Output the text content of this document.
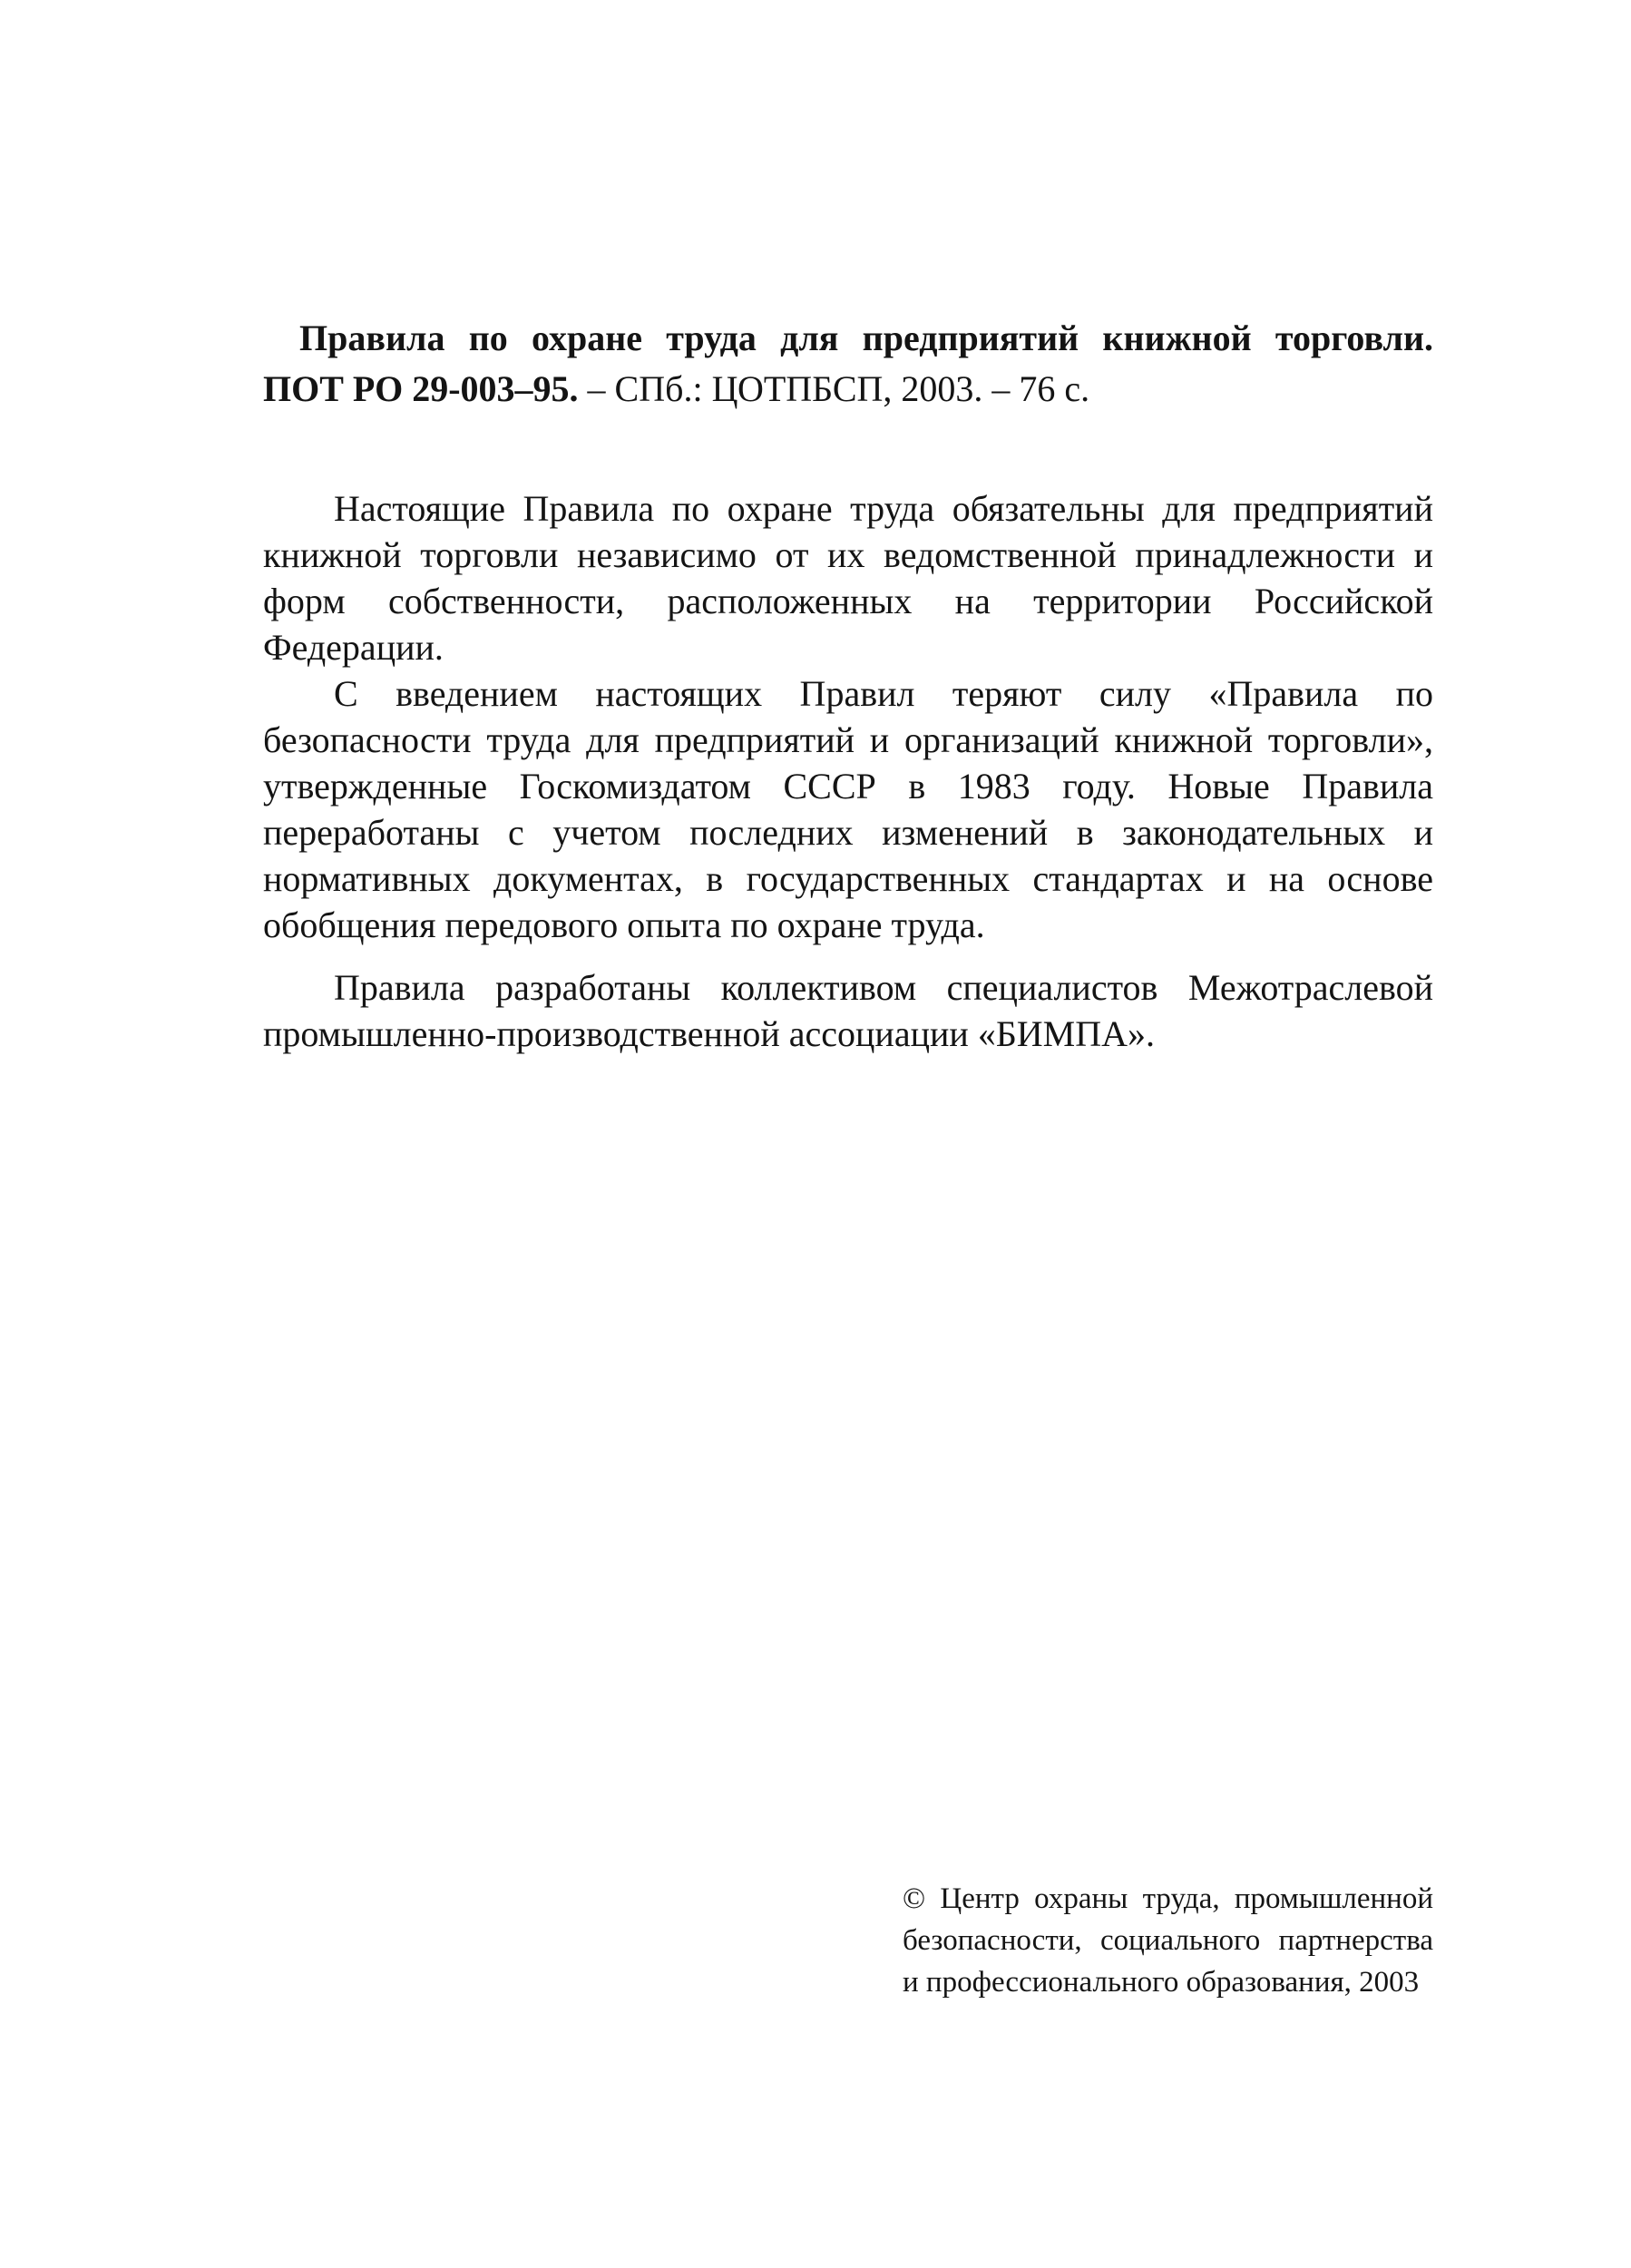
Правила по охране труда для предприятий книжной торговли.
ПОТ РО 29-003–95. – СПб.: ЦОТПБСП, 2003. – 76 с.

Настоящие Правила по охране труда обязательны для предприятий книжной торговли независимо от их ведомственной принадлежности и форм собственности, расположенных на территории Российской Федерации.

С введением настоящих Правил теряют силу «Правила по безопасности труда для предприятий и организаций книжной торговли», утвержденные Госкомиздатом СССР в 1983 году. Новые Правила переработаны с учетом последних изменений в законодательных и нормативных документах, в государственных стандартах и на основе обобщения передового опыта по охране труда.

Правила разработаны коллективом специалистов Межотраслевой промышленно-производственной ассоциации «БИМПА».

© Центр охраны труда, промышленной
безопасности, социального партнерства
и профессионального образования, 2003
